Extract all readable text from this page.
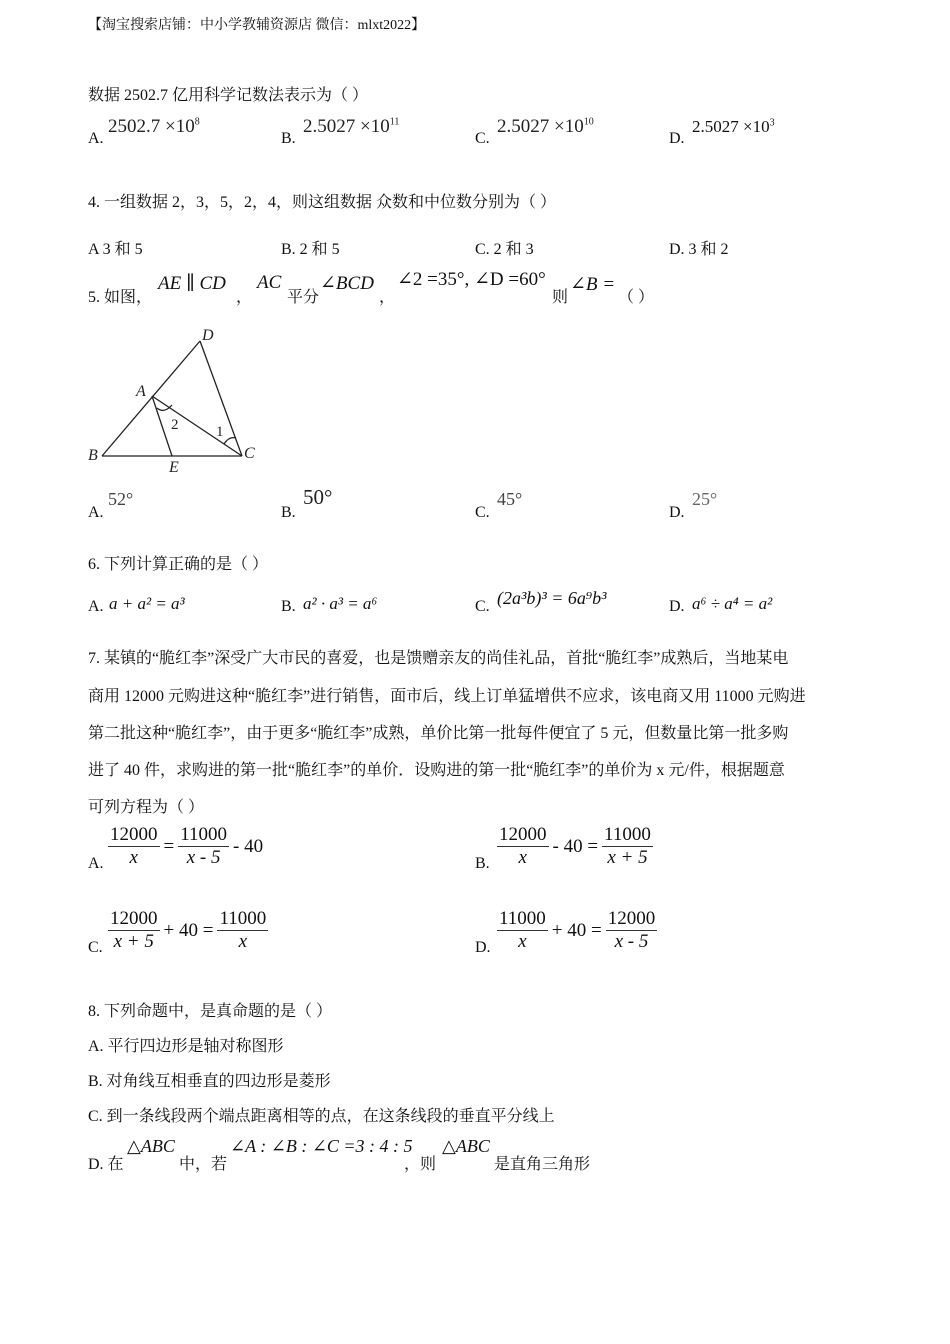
【淘宝搜索店铺：中小学教辅资源店 微信：mlxt2022】
数据 2502.7 亿用科学记数法表示为（ ）
A.
$2502.7 \times 10^8$
B.
$2.5027 \times 10^{11}$
C.
$2.5027 \times 10^{10}$
D.
$2.5027 \times 10^3$
4. 一组数据 2，3，5，2，4，则这组数据 众数和中位数分别为（ ）
A 3 和 5	B. 2 和 5	C. 2 和 3	D. 3 和 2
5. 如图，
AE ∥ CD
，
AC
平分
∠BCD
，
∠2 =35°, ∠D =60°
则
∠B =
（ ）
D
A
B
E
C
1
2
A.
52°
B.
50°
C.
45°
D.
25°
6. 下列计算正确的是（ ）
A. a + a² = a³	B. a² · a³ = a⁶	C. (2a³b)³ = 6a⁹b³	D. a⁶ ÷ a⁴ = a²
7. 某镇的“脆红李”深受广大市民的喜爱，也是馈赠亲友的尚佳礼品，首批“脆红李”成熟后，当地某电
商用 12000 元购进这种“脆红李”进行销售，面市后，线上订单猛增供不应求，该电商又用 11000 元购进
第二批这种“脆红李”，由于更多“脆红李”成熟，单价比第一批每件便宜了 5 元，但数量比第一批多购
进了 40 件，求购进的第一批“脆红李”的单价．设购进的第一批“脆红李”的单价为 x 元/件，根据题意
可列方程为（ ）
A. $\frac{12000}{x} = \frac{11000}{x - 5} - 40$
B. $\frac{12000}{x} - 40 = \frac{11000}{x + 5}$
C. $\frac{12000}{x + 5} + 40 = \frac{11000}{x}$	D. $\frac{11000}{x} + 40 = \frac{12000}{x - 5}$
8. 下列命题中，是真命题的是（ ）
A. 平行四边形是轴对称图形
B. 对角线互相垂直的四边形是菱形
C. 到一条线段两个端点距离相等的点，在这条线段的垂直平分线上
D. 在
△ABC
中，若
∠A : ∠B : ∠C =3 : 4 : 5
，则
△ABC
是直角三角形
